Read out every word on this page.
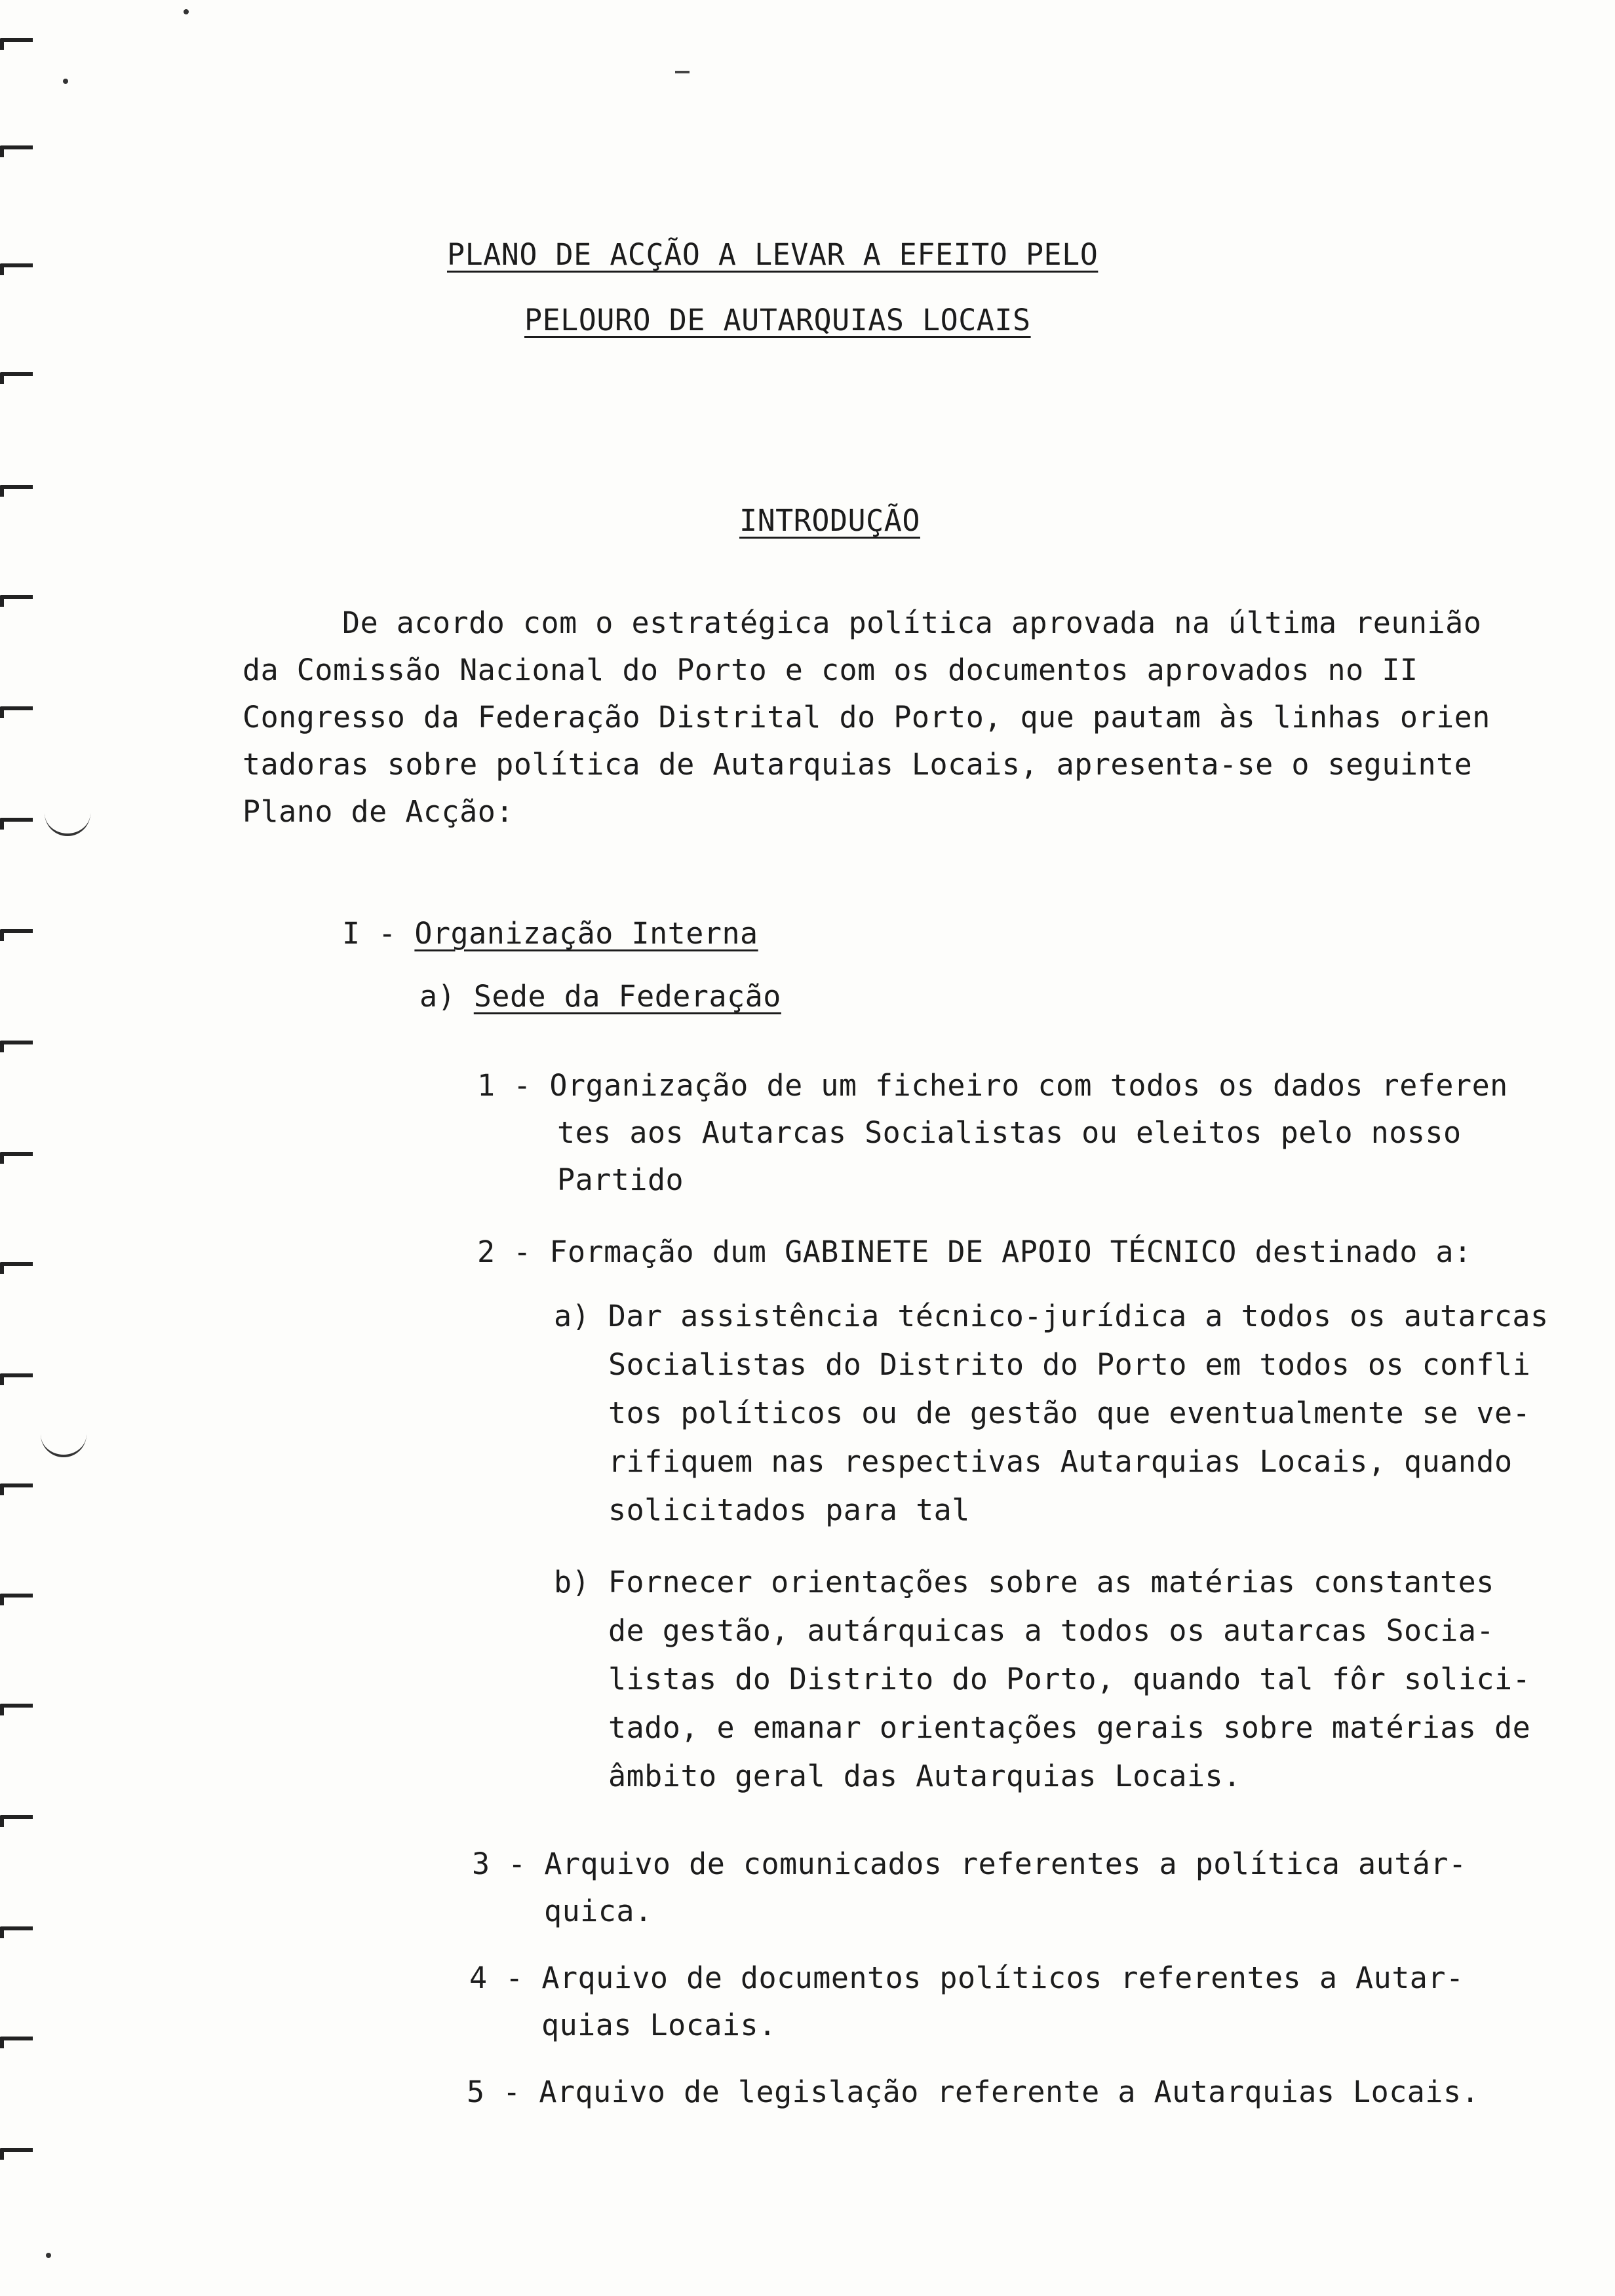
PLANO DE ACÇÃO A LEVAR A EFEITO PELO
PELOURO DE AUTARQUIAS LOCAIS
INTRODUÇÃO
De acordo com o estratégica política aprovada na última reunião
da Comissão Nacional do Porto e com os documentos aprovados no II
Congresso da Federação Distrital do Porto, que pautam às linhas orien
tadoras sobre política de Autarquias Locais, apresenta-se o seguinte
Plano de Acção:
I - Organização Interna
a) Sede da Federação
1 - Organização de um ficheiro com todos os dados referen
tes aos Autarcas Socialistas ou eleitos pelo nosso
Partido
2 - Formação dum GABINETE DE APOIO TÉCNICO destinado a:
a) Dar assistência técnico-jurídica a todos os autarcas
Socialistas do Distrito do Porto em todos os confli
tos políticos ou de gestão que eventualmente se ve-
rifiquem nas respectivas Autarquias Locais, quando
solicitados para tal
b) Fornecer orientações sobre as matérias constantes
de gestão, autárquicas a todos os autarcas Socia-
listas do Distrito do Porto, quando tal fôr solici-
tado, e emanar orientações gerais sobre matérias de
âmbito geral das Autarquias Locais.
3 - Arquivo de comunicados referentes a política autár-
quica.
4 - Arquivo de documentos políticos referentes a Autar-
quias Locais.
5 - Arquivo de legislação referente a Autarquias Locais.
